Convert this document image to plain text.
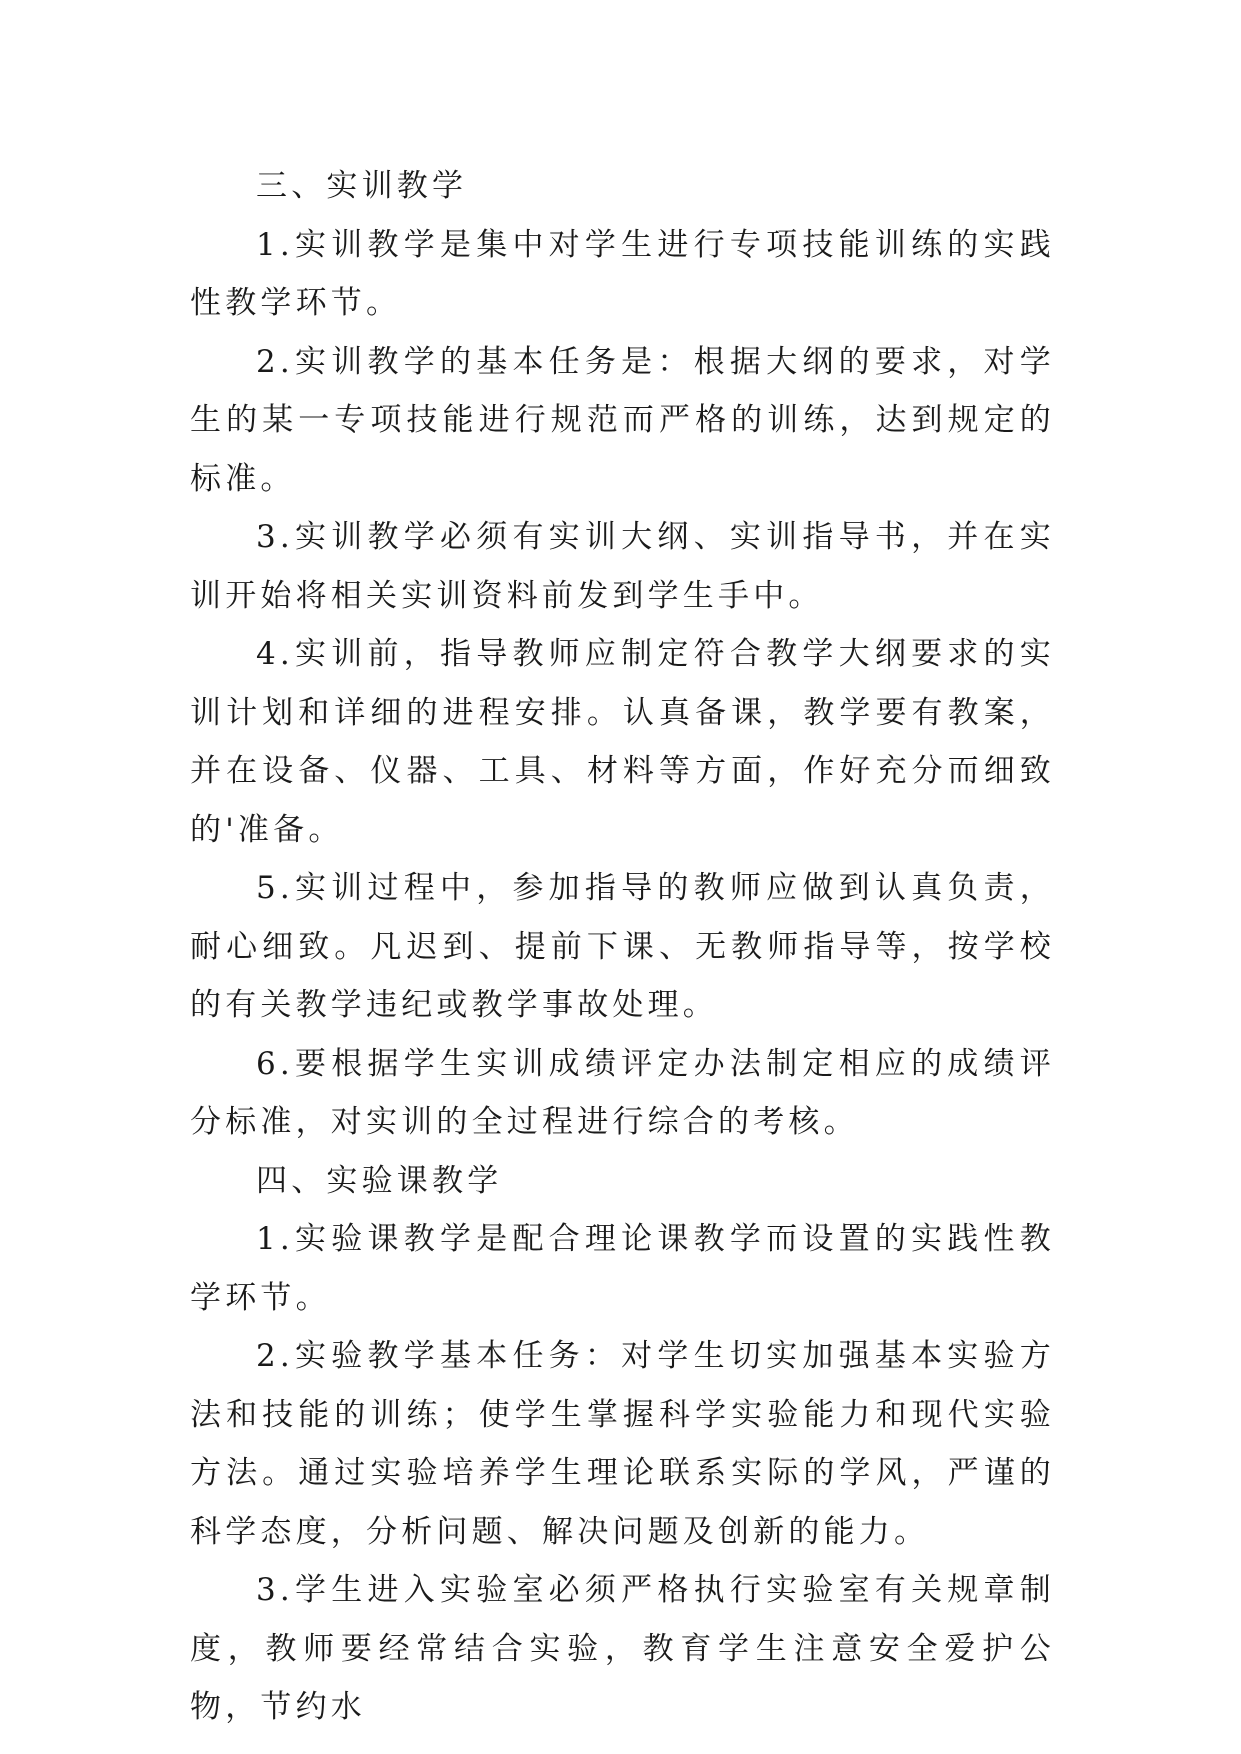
三、实训教学

1.实训教学是集中对学生进行专项技能训练的实践性教学环节。

2.实训教学的基本任务是：根据大纲的要求，对学生的某一专项技能进行规范而严格的训练，达到规定的标准。

3.实训教学必须有实训大纲、实训指导书，并在实训开始将相关实训资料前发到学生手中。

4.实训前，指导教师应制定符合教学大纲要求的实训计划和详细的进程安排。认真备课，教学要有教案，并在设备、仪器、工具、材料等方面，作好充分而细致的'准备。

5.实训过程中，参加指导的教师应做到认真负责，耐心细致。凡迟到、提前下课、无教师指导等，按学校的有关教学违纪或教学事故处理。

6.要根据学生实训成绩评定办法制定相应的成绩评分标准，对实训的全过程进行综合的考核。

四、实验课教学

1.实验课教学是配合理论课教学而设置的实践性教学环节。

2.实验教学基本任务：对学生切实加强基本实验方法和技能的训练；使学生掌握科学实验能力和现代实验方法。通过实验培养学生理论联系实际的学风，严谨的科学态度，分析问题、解决问题及创新的能力。

3.学生进入实验室必须严格执行实验室有关规章制度，教师要经常结合实验，教育学生注意安全爱护公物，节约水
